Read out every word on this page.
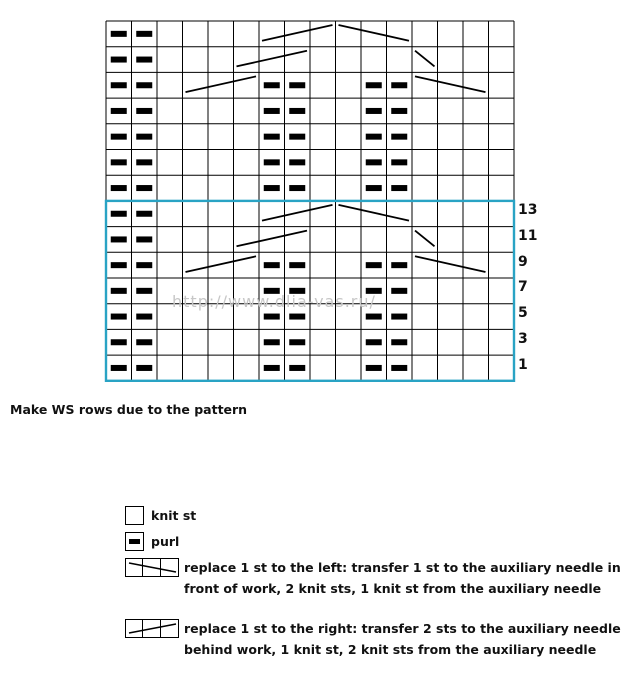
http://www.dlia-vas.ru/
13
11
9
7
5
3
1
Make WS rows due to the pattern
knit st
purl
replace 1 st to the left: transfer 1 st to the auxiliary needle in
front of work, 2 knit sts, 1 knit st from the auxiliary needle
replace 1 st to the right: transfer 2 sts to the auxiliary needle
behind work, 1 knit st, 2 knit sts from the auxiliary needle
